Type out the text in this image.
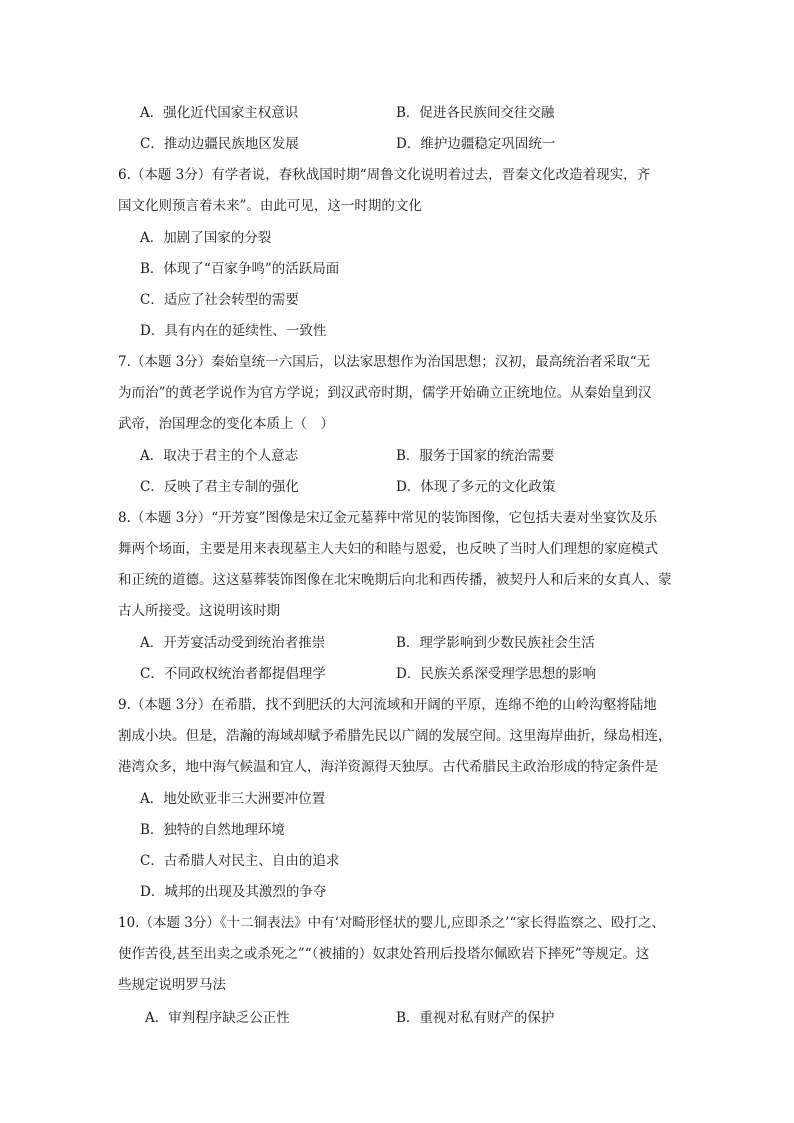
A．强化近代国家主权意识	B．促进各民族间交往交融
C．推动边疆民族地区发展	D．维护边疆稳定巩固统一
6.（本题 3分）有学者说，春秋战国时期“周鲁文化说明着过去，晋秦文化改造着现实，齐
国文化则预言着未来”。由此可见，这一时期的文化
A．加剧了国家的分裂
B．体现了“百家争鸣”的活跃局面
C．适应了社会转型的需要
D．具有内在的延续性、一致性
7.（本题 3分）秦始皇统一六国后，以法家思想作为治国思想；汉初，最高统治者采取“无
为而治”的黄老学说作为官方学说；到汉武帝时期，儒学开始确立正统地位。从秦始皇到汉
武帝，治国理念的变化本质上（　）
A．取决于君主的个人意志	B．服务于国家的统治需要
C．反映了君主专制的强化	D．体现了多元的文化政策
8.（本题 3分）“开芳宴”图像是宋辽金元墓葬中常见的装饰图像，它包括夫妻对坐宴饮及乐
舞两个场面，主要是用来表现墓主人夫妇的和睦与恩爱，也反映了当时人们理想的家庭模式
和正统的道德。这这墓葬装饰图像在北宋晚期后向北和西传播，被契丹人和后来的女真人、蒙
古人所接受。这说明该时期
A．开芳宴活动受到统治者推崇	B．理学影响到少数民族社会生活
C．不同政权统治者都提倡理学	D．民族关系深受理学思想的影响
9.（本题 3分）在希腊，找不到肥沃的大河流域和开阔的平原，连绵不绝的山岭沟壑将陆地
割成小块。但是，浩瀚的海域却赋予希腊先民以广阔的发展空间。这里海岸曲折，绿岛相连，
港湾众多，地中海气候温和宜人，海洋资源得天独厚。古代希腊民主政治形成的特定条件是
A．地处欧亚非三大洲要冲位置
B．独特的自然地理环境
C．古希腊人对民主、自由的追求
D．城邦的出现及其激烈的争夺
10.（本题 3分）《十二铜表法》中有‘对畸形怪状的婴儿,应即杀之’“家长得监察之、殴打之、
使作苦役,甚至出卖之或杀死之”“（被捕的）奴隶处笞刑后投塔尔佩欧岩下摔死”等规定。这
些规定说明罗马法
A．审判程序缺乏公正性	B．重视对私有财产的保护
